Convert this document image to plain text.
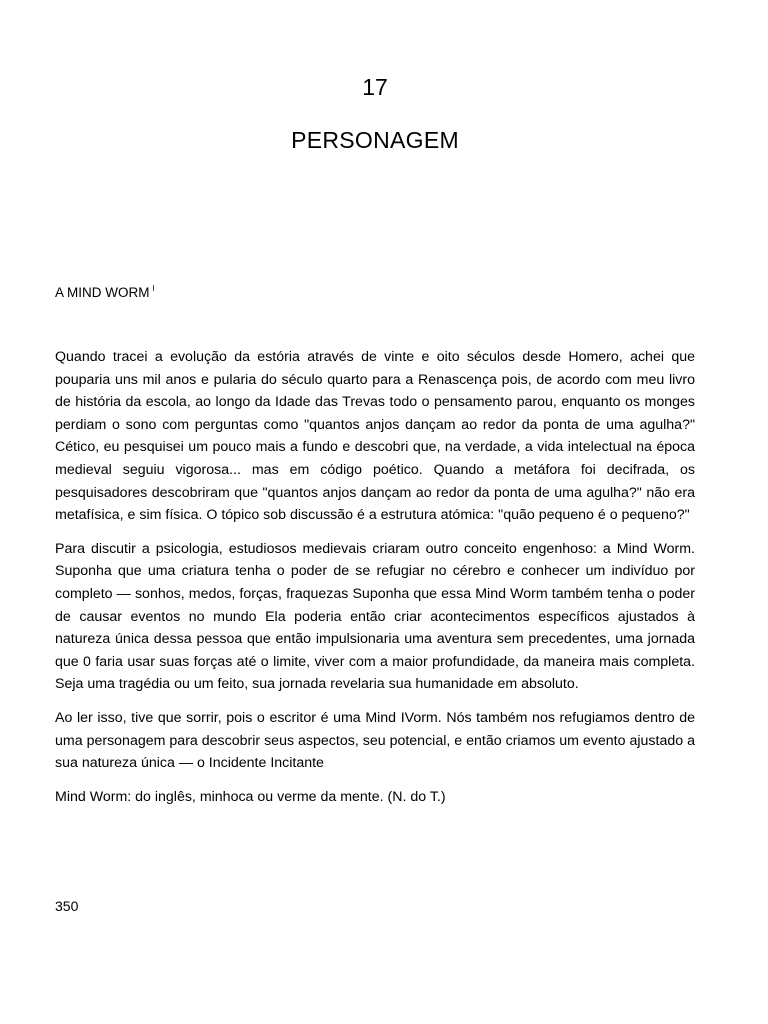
17
PERSONAGEM
A MIND WORM $^I$

Quando tracei a evolução da estória através de vinte e oito séculos desde Homero, achei que pouparia uns mil anos e pularia do século quarto para a Renascença pois, de acordo com meu livro de história da escola, ao longo da Idade das Trevas todo o pensamento parou, enquanto os monges perdiam o sono com perguntas como "quantos anjos dançam ao redor da ponta de uma agulha?" Cético, eu pesquisei um pouco mais a fundo e descobri que, na verdade, a vida intelectual na época medieval seguiu vigorosa... mas em código poético. Quando a metáfora foi decifrada, os pesquisadores descobriram que "quantos anjos dançam ao redor da ponta de uma agulha?" não era metafísica, e sim física. O tópico sob discussão é a estrutura atómica: "quão pequeno é o pequeno?"

Para discutir a psicologia, estudiosos medievais criaram outro conceito engenhoso: a Mind Worm. Suponha que uma criatura tenha o poder de se refugiar no cérebro e conhecer um indivíduo por completo — sonhos, medos, forças, fraquezas Suponha que essa Mind Worm também tenha o poder de causar eventos no mundo Ela poderia então criar acontecimentos específicos ajustados à natureza única dessa pessoa que então impulsionaria uma aventura sem precedentes, uma jornada que 0 faria usar suas forças até o limite, viver com a maior profundidade, da maneira mais completa. Seja uma tragédia ou um feito, sua jornada revelaria sua humanidade em absoluto.

Ao ler isso, tive que sorrir, pois o escritor é uma Mind IVorm. Nós também nos refugiamos dentro de uma personagem para descobrir seus aspectos, seu potencial, e então criamos um evento ajustado a sua natureza única — o Incidente Incitante

Mind Worm: do inglês, minhoca ou verme da mente. (N. do T.)

350
